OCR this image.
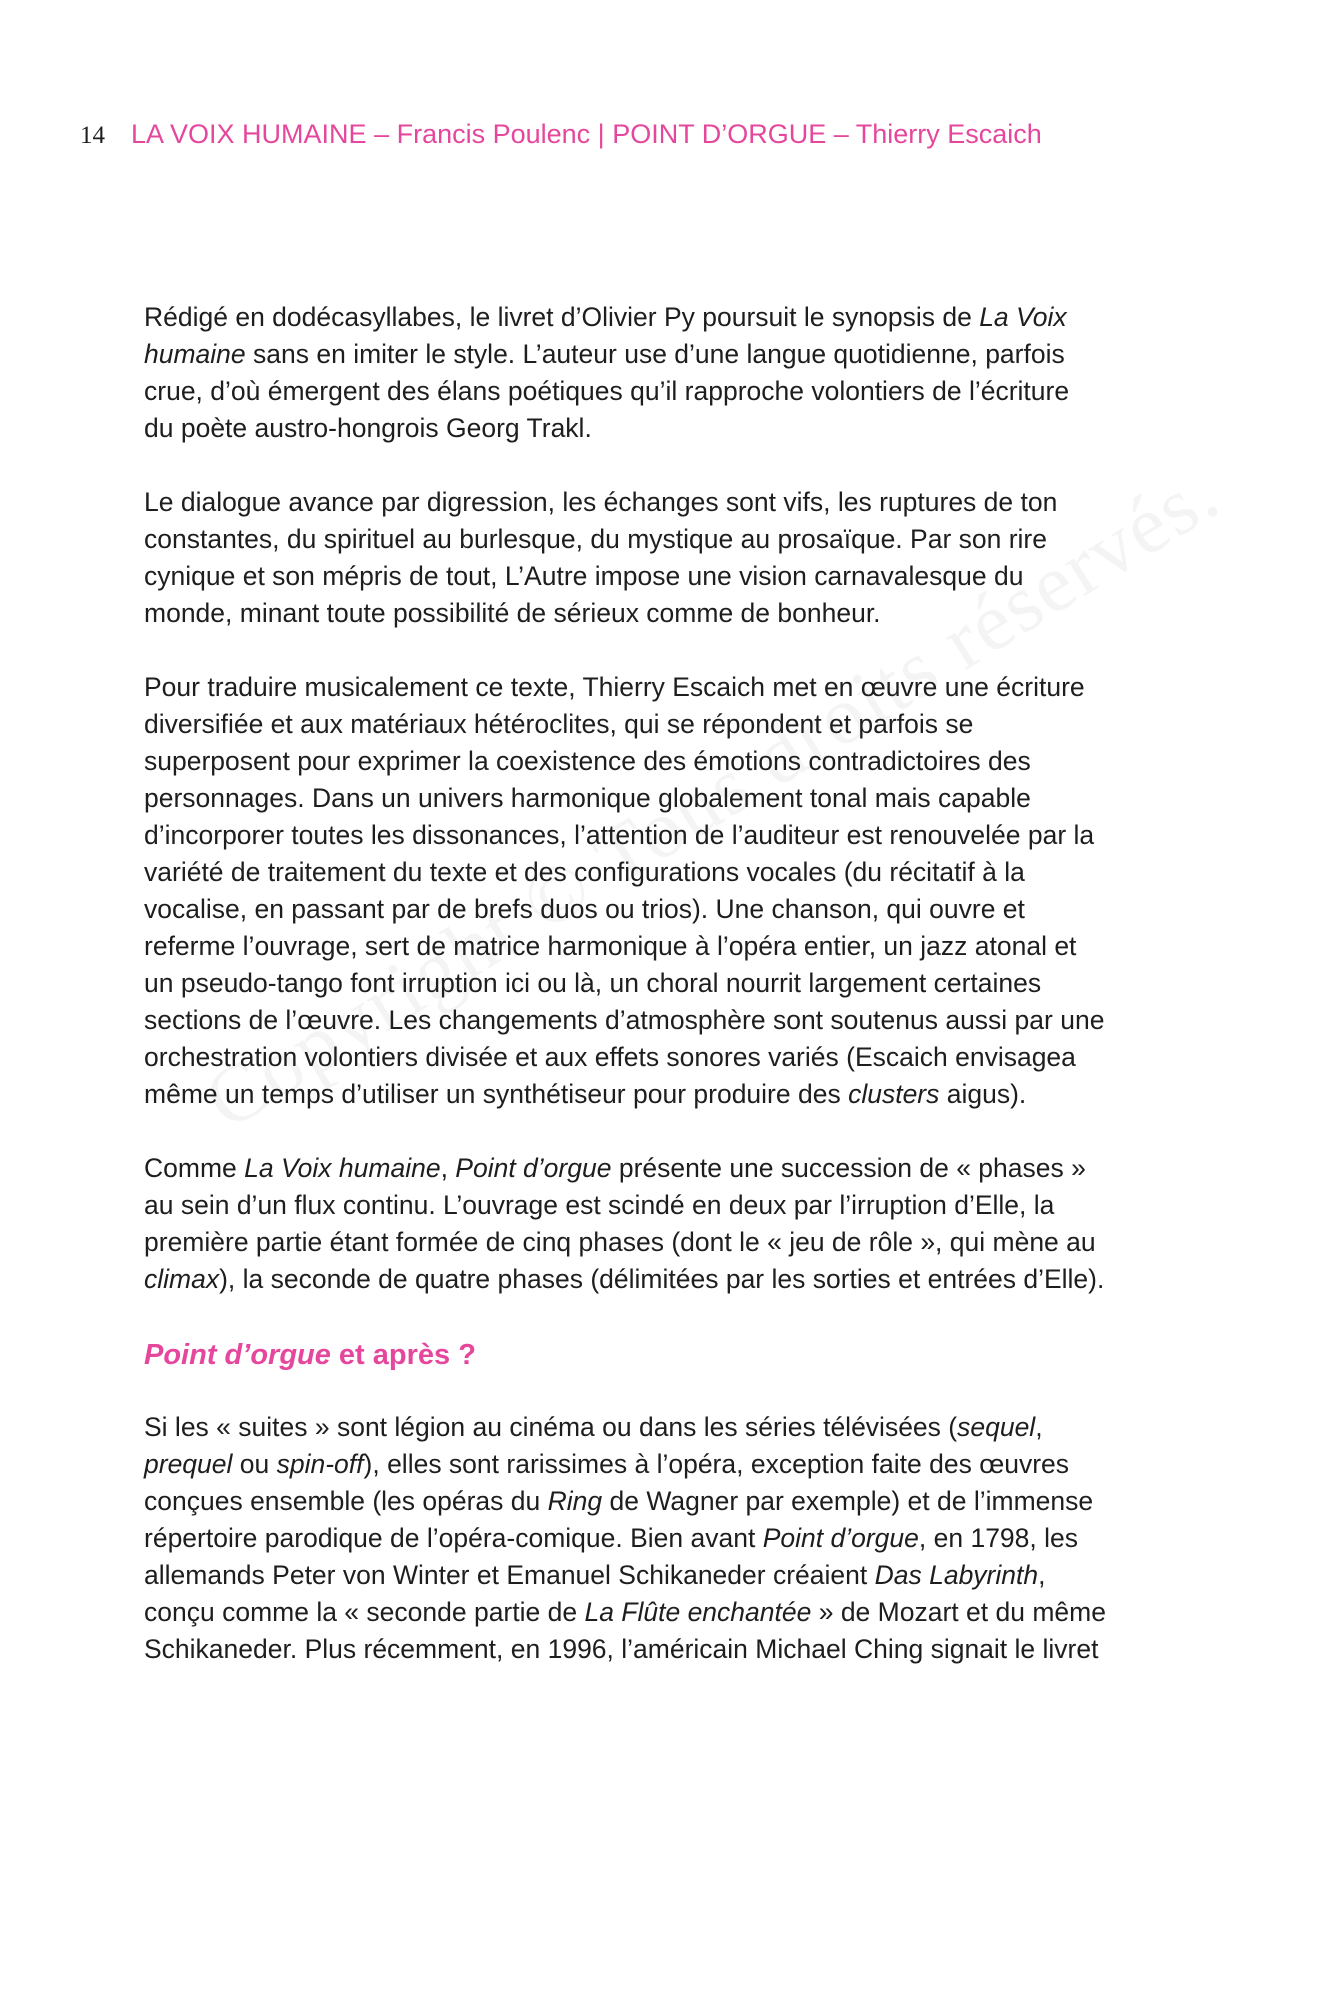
14 LA VOIX HUMAINE – Francis Poulenc | POINT D’ORGUE – Thierry Escaich
Rédigé en dodécasyllabes, le livret d’Olivier Py poursuit le synopsis de La Voix
humaine sans en imiter le style. L’auteur use d’une langue quotidienne, parfois
crue, d’où émergent des élans poétiques qu’il rapproche volontiers de l’écriture
du poète austro-hongrois Georg Trakl.
Le dialogue avance par digression, les échanges sont vifs, les ruptures de ton
constantes, du spirituel au burlesque, du mystique au prosaïque. Par son rire
cynique et son mépris de tout, L’Autre impose une vision carnavalesque du
monde, minant toute possibilité de sérieux comme de bonheur.
Pour traduire musicalement ce texte, Thierry Escaich met en œuvre une écriture
diversifiée et aux matériaux hétéroclites, qui se répondent et parfois se
superposent pour exprimer la coexistence des émotions contradictoires des
personnages. Dans un univers harmonique globalement tonal mais capable
d’incorporer toutes les dissonances, l’attention de l’auditeur est renouvelée par la
variété de traitement du texte et des configurations vocales (du récitatif à la
vocalise, en passant par de brefs duos ou trios). Une chanson, qui ouvre et
referme l’ouvrage, sert de matrice harmonique à l’opéra entier, un jazz atonal et
un pseudo-tango font irruption ici ou là, un choral nourrit largement certaines
sections de l’œuvre. Les changements d’atmosphère sont soutenus aussi par une
orchestration volontiers divisée et aux effets sonores variés (Escaich envisagea
même un temps d’utiliser un synthétiseur pour produire des clusters aigus).
Comme La Voix humaine, Point d’orgue présente une succession de « phases »
au sein d’un flux continu. L’ouvrage est scindé en deux par l’irruption d’Elle, la
première partie étant formée de cinq phases (dont le « jeu de rôle », qui mène au
climax), la seconde de quatre phases (délimitées par les sorties et entrées d’Elle).
Point d’orgue et après ?
Si les « suites » sont légion au cinéma ou dans les séries télévisées (sequel,
prequel ou spin-off), elles sont rarissimes à l’opéra, exception faite des œuvres
conçues ensemble (les opéras du Ring de Wagner par exemple) et de l’immense
répertoire parodique de l’opéra-comique. Bien avant Point d’orgue, en 1798, les
allemands Peter von Winter et Emanuel Schikaneder créaient Das Labyrinth,
conçu comme la « seconde partie de La Flûte enchantée » de Mozart et du même
Schikaneder. Plus récemment, en 1996, l’américain Michael Ching signait le livret
